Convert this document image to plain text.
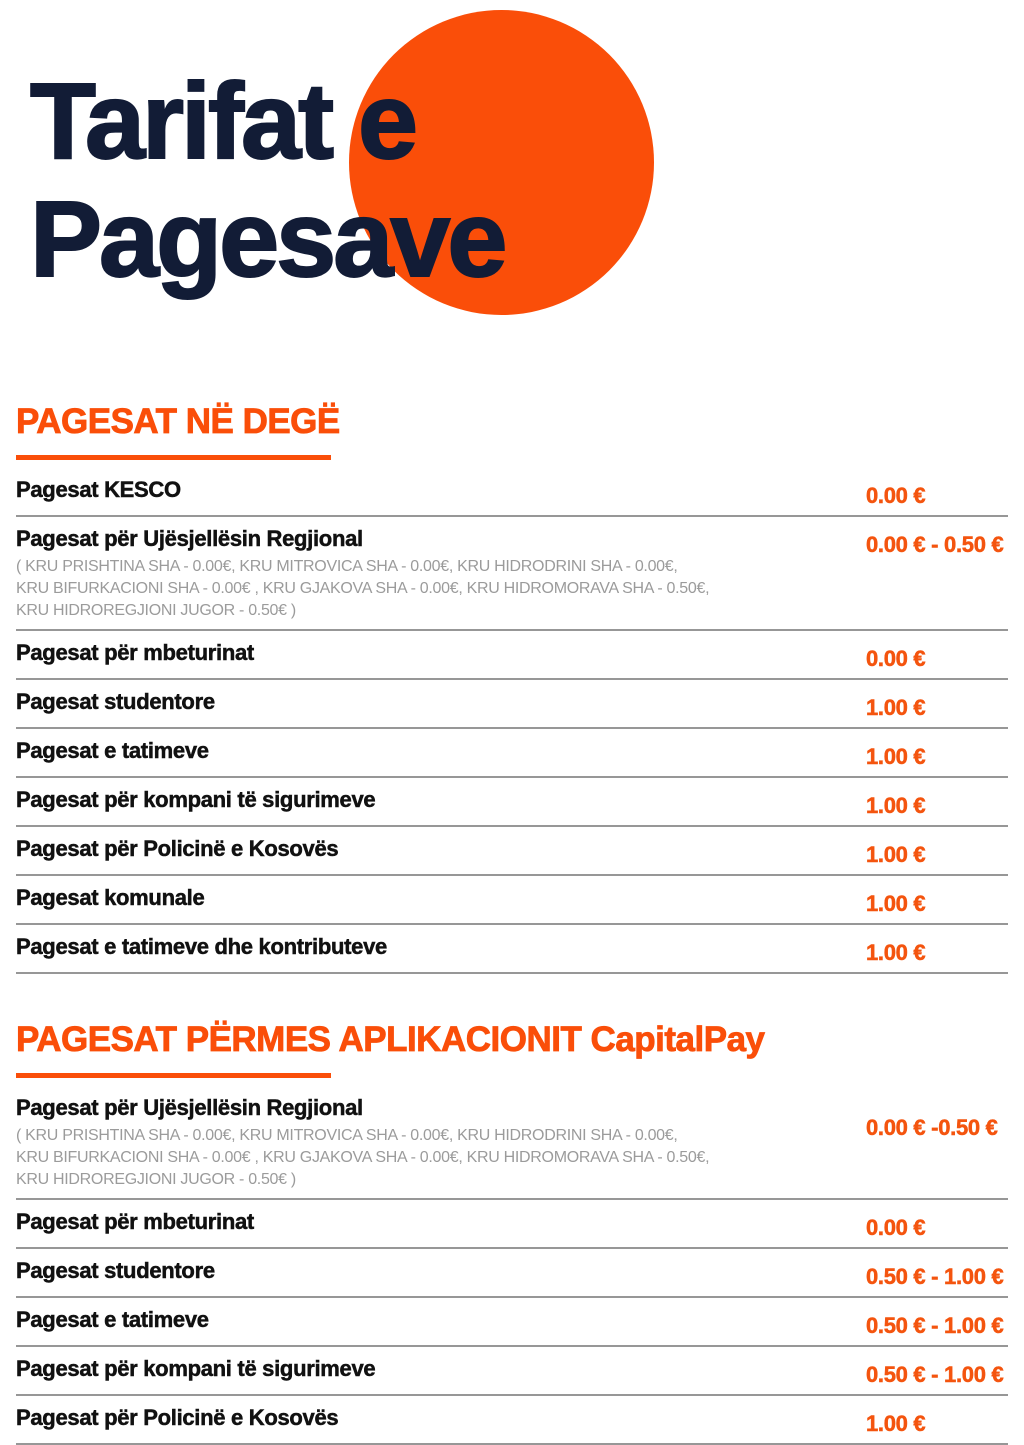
Tarifat e
Pagesave
PAGESAT NË DEGË
Pagesat KESCO	0.00 €
Pagesat për Ujësjellësin Regjional
( KRU PRISHTINA SHA - 0.00€, KRU MITROVICA SHA - 0.00€, KRU HIDRODRINI SHA - 0.00€,
KRU BIFURKACIONI SHA - 0.00€ , KRU GJAKOVA SHA - 0.00€, KRU HIDROMORAVA SHA - 0.50€,
KRU HIDROREGJIONI JUGOR - 0.50€ )
0.00 € - 0.50 €
Pagesat për mbeturinat	0.00 €
Pagesat studentore	1.00 €
Pagesat e tatimeve	1.00 €
Pagesat për kompani të sigurimeve	1.00 €
Pagesat për Policinë e Kosovës	1.00 €
Pagesat komunale	1.00 €
Pagesat e tatimeve dhe kontributeve	1.00 €
PAGESAT PËRMES APLIKACIONIT CapitalPay
Pagesat për Ujësjellësin Regjional
( KRU PRISHTINA SHA - 0.00€, KRU MITROVICA SHA - 0.00€, KRU HIDRODRINI SHA - 0.00€,
KRU BIFURKACIONI SHA - 0.00€ , KRU GJAKOVA SHA - 0.00€, KRU HIDROMORAVA SHA - 0.50€,
KRU HIDROREGJIONI JUGOR - 0.50€ )
0.00 € -0.50 €
Pagesat për mbeturinat	0.00 €
Pagesat studentore	0.50 € - 1.00 €
Pagesat e tatimeve	0.50 € - 1.00 €
Pagesat për kompani të sigurimeve	0.50 € - 1.00 €
Pagesat për Policinë e Kosovës	1.00 €
